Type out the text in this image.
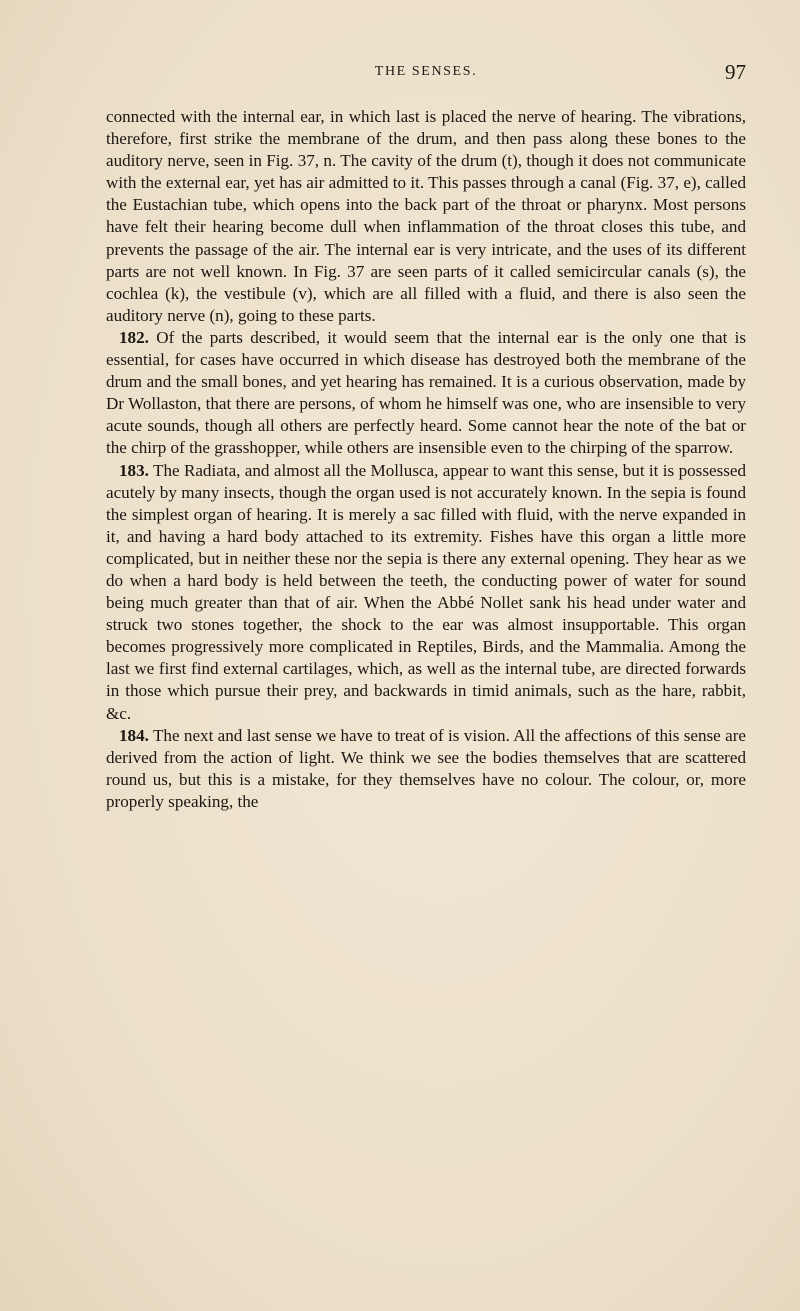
THE SENSES.	97

connected with the internal ear, in which last is placed the nerve of hearing. The vibrations, therefore, first strike the membrane of the drum, and then pass along these bones to the auditory nerve, seen in Fig. 37, n. The cavity of the drum (t), though it does not communicate with the external ear, yet has air admitted to it. This passes through a canal (Fig. 37, e), called the Eustachian tube, which opens into the back part of the throat or pharynx. Most persons have felt their hearing become dull when inflammation of the throat closes this tube, and prevents the passage of the air. The internal ear is very intricate, and the uses of its different parts are not well known. In Fig. 37 are seen parts of it called semicircular canals (s), the cochlea (k), the vestibule (v), which are all filled with a fluid, and there is also seen the auditory nerve (n), going to these parts.

182. Of the parts described, it would seem that the internal ear is the only one that is essential, for cases have occurred in which disease has destroyed both the membrane of the drum and the small bones, and yet hearing has remained. It is a curious observation, made by Dr Wollaston, that there are persons, of whom he himself was one, who are insensible to very acute sounds, though all others are perfectly heard. Some cannot hear the note of the bat or the chirp of the grasshopper, while others are insensible even to the chirping of the sparrow.

183. The Radiata, and almost all the Mollusca, appear to want this sense, but it is possessed acutely by many insects, though the organ used is not accurately known. In the sepia is found the simplest organ of hearing. It is merely a sac filled with fluid, with the nerve expanded in it, and having a hard body attached to its extremity. Fishes have this organ a little more complicated, but in neither these nor the sepia is there any external opening. They hear as we do when a hard body is held between the teeth, the conducting power of water for sound being much greater than that of air. When the Abbé Nollet sank his head under water and struck two stones together, the shock to the ear was almost insupportable. This organ becomes progressively more complicated in Reptiles, Birds, and the Mammalia. Among the last we first find external cartilages, which, as well as the internal tube, are directed forwards in those which pursue their prey, and backwards in timid animals, such as the hare, rabbit, &c.

184. The next and last sense we have to treat of is vision. All the affections of this sense are derived from the action of light. We think we see the bodies themselves that are scattered round us, but this is a mistake, for they themselves have no colour. The colour, or, more properly speaking, the
